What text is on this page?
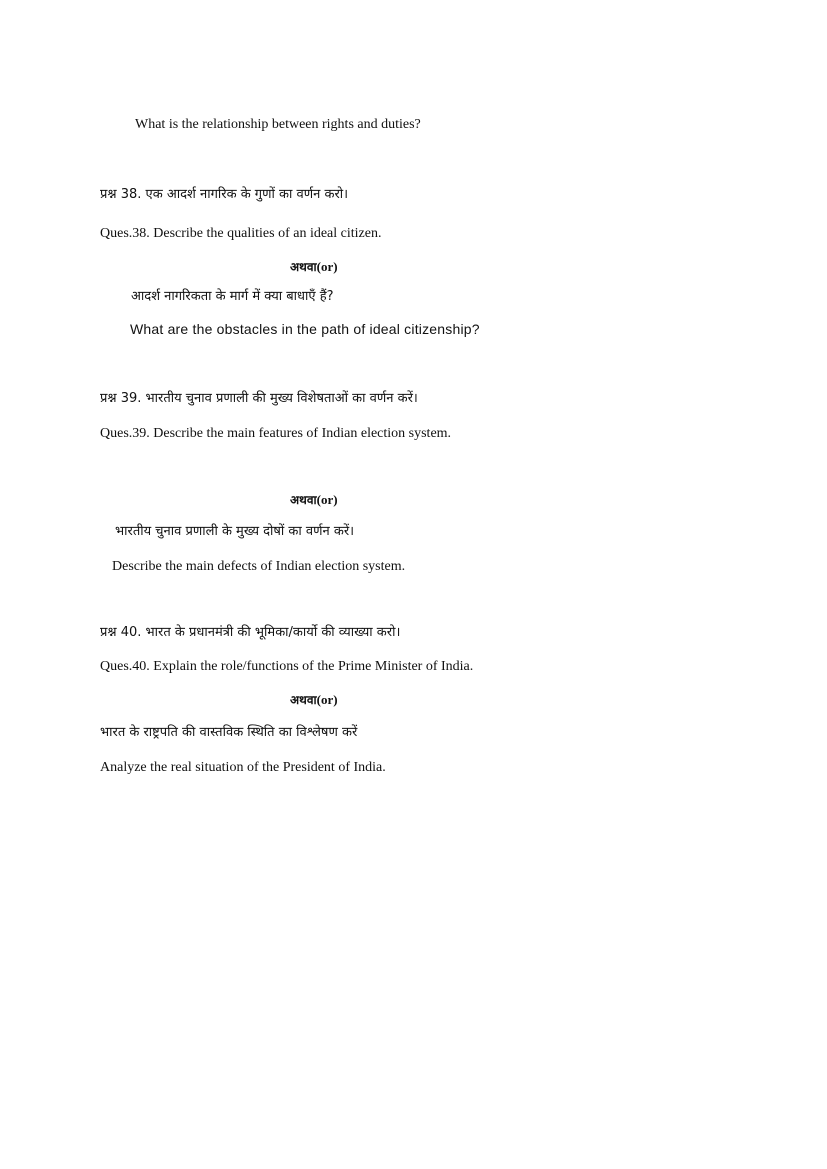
What is the relationship between rights and duties?
प्रश्न 38. एक आदर्श नागरिक के गुणों का वर्णन करो।
Ques.38. Describe the qualities of an ideal citizen.
अथवा(or)
आदर्श नागरिकता के मार्ग में क्या बाधाएँ हैं?
What are the obstacles in the path of ideal citizenship?
प्रश्न 39. भारतीय चुनाव प्रणाली की मुख्य विशेषताओं का वर्णन करें।
Ques.39. Describe the main features of Indian election system.
अथवा(or)
भारतीय चुनाव प्रणाली के मुख्य दोषों का वर्णन करें।
Describe the main defects of Indian election system.
प्रश्न 40. भारत के प्रधानमंत्री की भूमिका/कार्यो की व्याख्या करो।
Ques.40. Explain the role/functions of the Prime Minister of India.
अथवा(or)
भारत के राष्ट्रपति की वास्तविक स्थिति का विश्लेषण करें
Analyze the real situation of the President of India.
